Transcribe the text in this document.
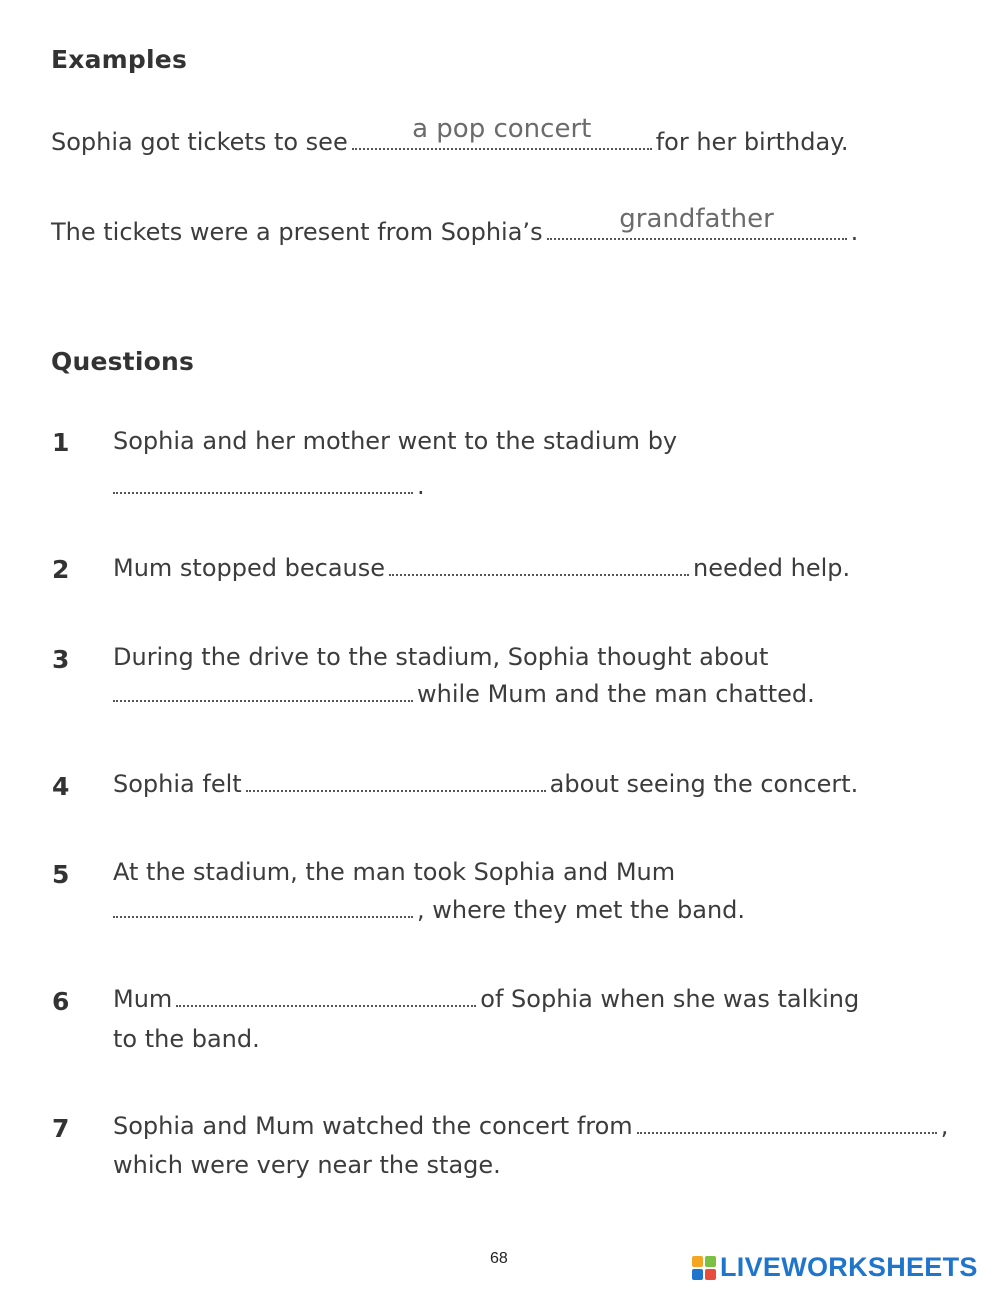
Examples
Sophia got tickets to see	a pop concert	for her birthday.
The tickets were a present from Sophia’s	grandfather	.
Questions
1 Sophia and her mother went to the stadium by
.
2 Mum stopped because	needed help.
3 During the drive to the stadium, Sophia thought about
while Mum and the man chatted.
4 Sophia felt	about seeing the concert.
5 At the stadium, the man took Sophia and Mum
, where they met the band.
6 Mum	of Sophia when she was talking
to the band.
7 Sophia and Mum watched the concert from	,
which were very near the stage.
68	LIVEWORKSHEETS
